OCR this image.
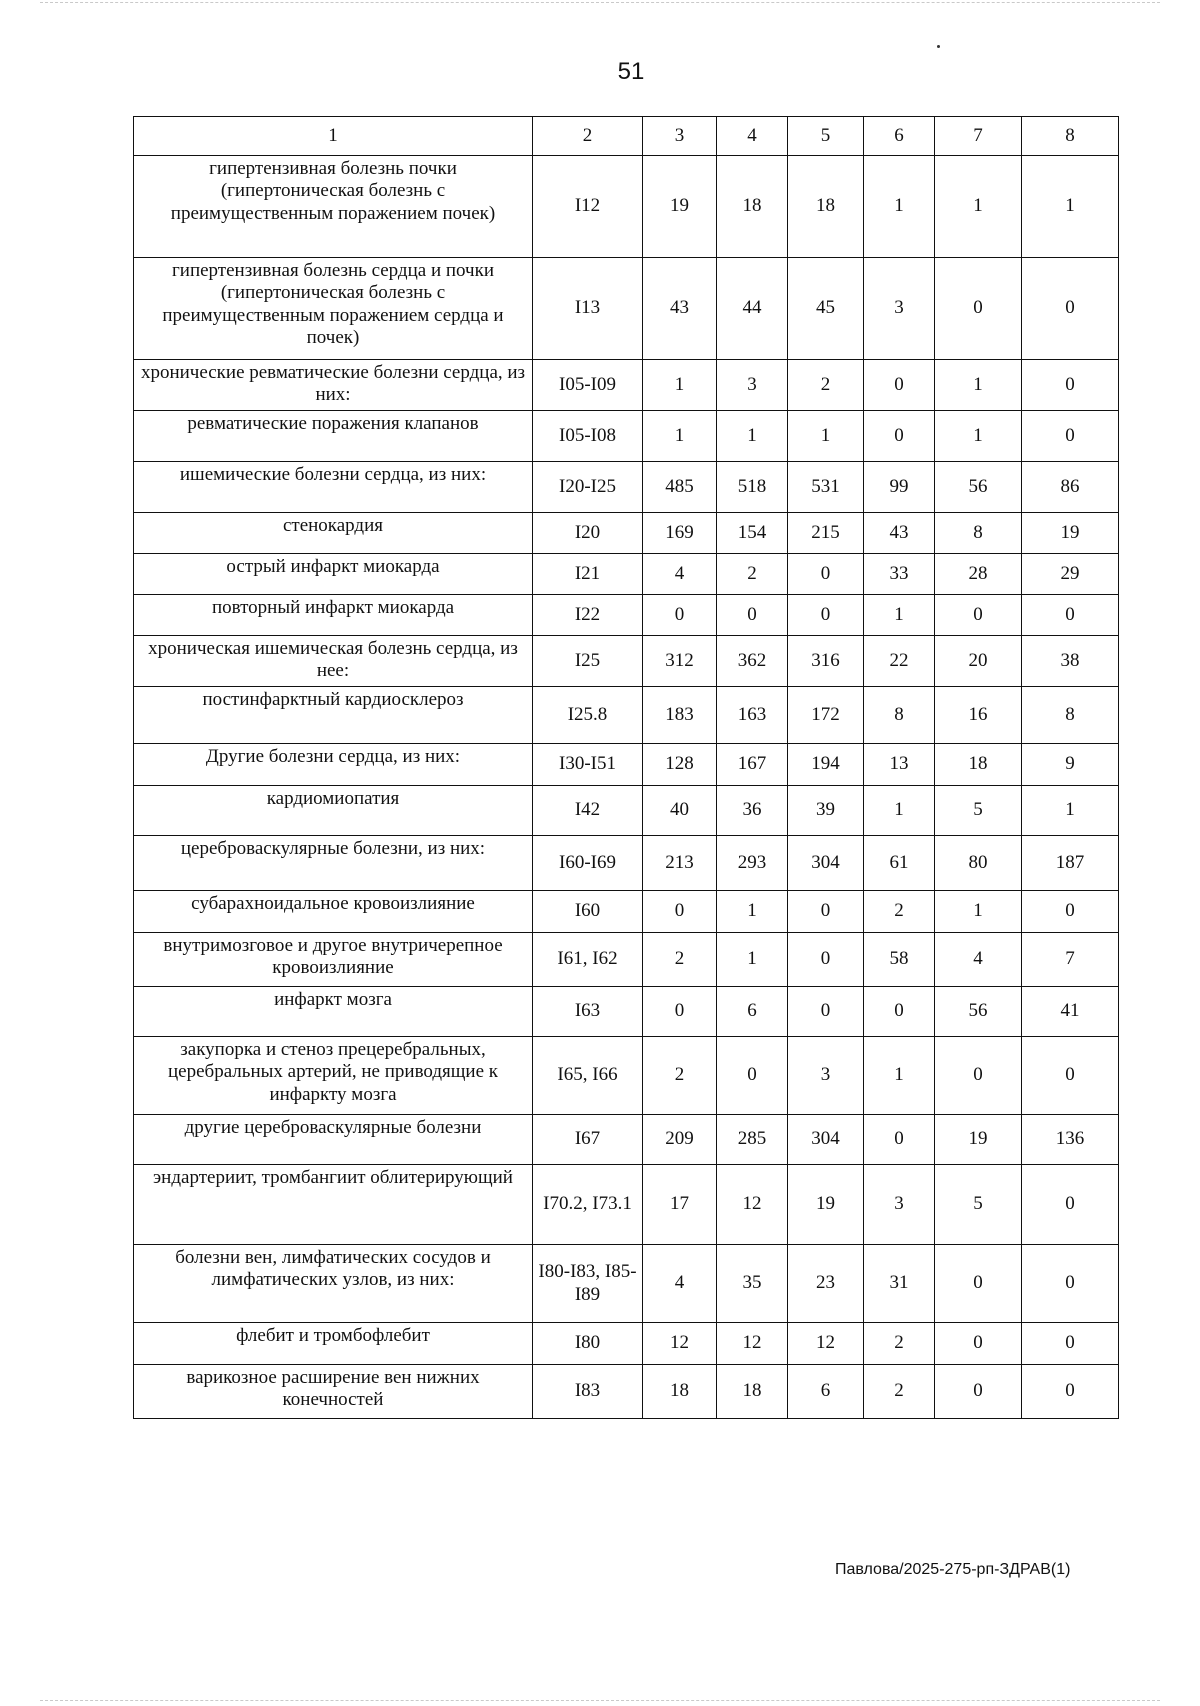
51
1	2	3	4	5	6	7	8
гипертензивная болезнь почки (гипертоническая болезнь с преимущественным поражением почек)	I12	19	18	18	1	1	1
гипертензивная болезнь сердца и почки (гипертоническая болезнь с преимущественным поражением сердца и почек)	I13	43	44	45	3	0	0
хронические ревматические болезни сердца, из них:	I05-I09	1	3	2	0	1	0
ревматические поражения клапанов	I05-I08	1	1	1	0	1	0
ишемические болезни сердца, из них:	I20-I25	485	518	531	99	56	86
стенокардия	I20	169	154	215	43	8	19
острый инфаркт миокарда	I21	4	2	0	33	28	29
повторный инфаркт миокарда	I22	0	0	0	1	0	0
хроническая ишемическая болезнь сердца, из нее:	I25	312	362	316	22	20	38
постинфарктный кардиосклероз	I25.8	183	163	172	8	16	8
Другие болезни сердца, из них:	I30-I51	128	167	194	13	18	9
кардиомиопатия	I42	40	36	39	1	5	1
цереброваскулярные болезни, из них:	I60-I69	213	293	304	61	80	187
субарахноидальное кровоизлияние	I60	0	1	0	2	1	0
внутримозговое и другое внутричерепное кровоизлияние	I61, I62	2	1	0	58	4	7
инфаркт мозга	I63	0	6	0	0	56	41
закупорка и стеноз прецеребральных, церебральных артерий, не приводящие к инфаркту мозга	I65, I66	2	0	3	1	0	0
другие цереброваскулярные болезни	I67	209	285	304	0	19	136
эндартериит, тромбангиит облитерирующий	I70.2, I73.1	17	12	19	3	5	0
болезни вен, лимфатических сосудов и лимфатических узлов, из них:	I80-I83, I85-I89	4	35	23	31	0	0
флебит и тромбофлебит	I80	12	12	12	2	0	0
варикозное расширение вен нижних конечностей	I83	18	18	6	2	0	0
Павлова/2025-275-рп-ЗДРАВ(1)
